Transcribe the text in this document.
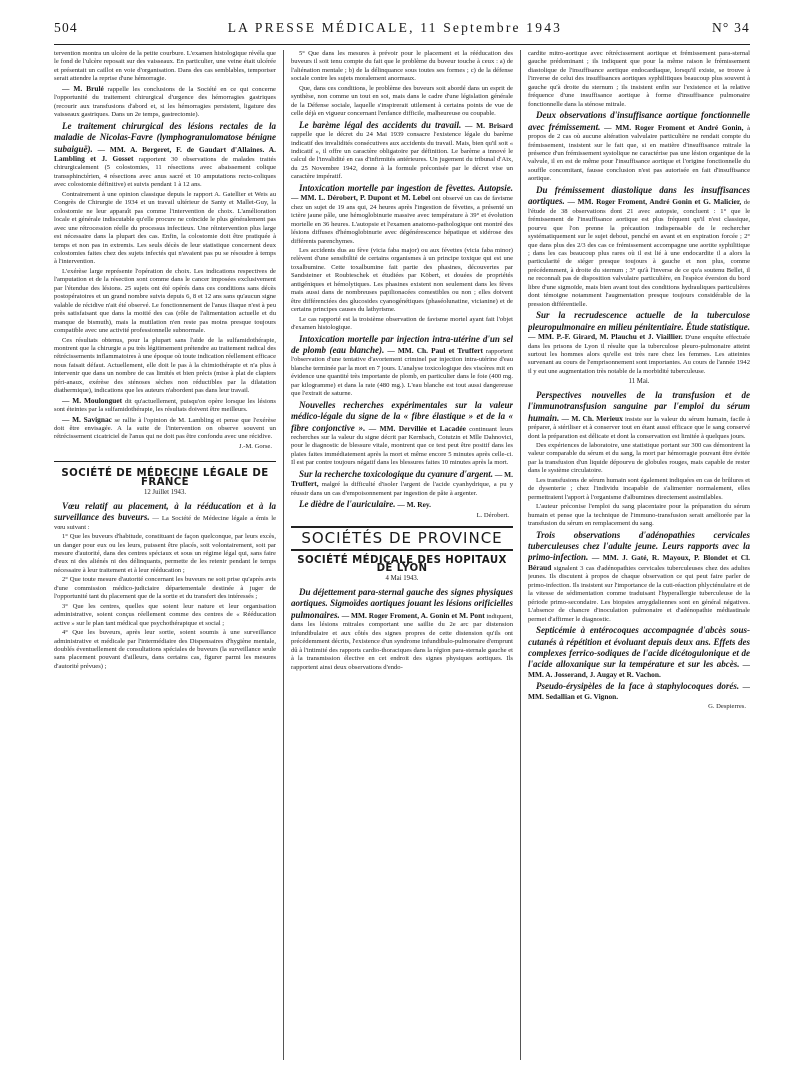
504	LA PRESSE MÉDICALE, 11 Septembre 1943	N° 34

tervention montra un ulcère de la petite courbure. L'examen histologique révéla que le fond de l'ulcère reposait sur des vaisseaux. En particulier, une veine était ulcérée et présentait un caillot en voie d'organisation. Dans des cas semblables, temporiser serait attendre la reprise d'une hémorragie.

— M. Brulé rappelle les conclusions de la Société en ce qui concerne l'opportunité du traitement chirurgical d'urgence des hémorragies gastriques (recourir aux transfusions d'abord et, si les hémorragies persistent, ligature des vaisseaux gastriques. Dans un 2e temps, gastrectomie).

Le traitement chirurgical des lésions rectales de la maladie de Nicolas-Favre (lymphogranulomatose bénigne subaiguë). — MM. A. Bergeret, F. de Gaudart d'Allaines. A. Lambling et J. Gosset rapportent 30 observations de malades traités chirurgicalement (5 colostomies, 11 résections avec abaissement colique transsphinctérien, 4 résections avec anus sacré et 10 amputations recto-coliques avec colostomie définitive) et suivis pendant 1 à 12 ans.

Contrairement à une opinion classique depuis le rapport A. Gatellier et Weis au Congrès de Chirurgie de 1934 et un travail ultérieur de Santy et Mallet-Guy, la colostomie ne leur apparaît pas comme l'intervention de choix. L'amélioration locale et générale indiscutable qu'elle procure ne coïncide le plus généralement pas avec une rétrocession réelle du processus infectieux. Une réintervention plus large est nécessaire dans la plupart des cas. Enfin, la colostomie doit être pratiquée à temps et non pas in extremis. Les seuls décès de leur statistique concernent deux colostomies faites chez des sujets infectés qui n'avaient pas pu se résoudre à temps à l'intervention.

L'exérèse large représente l'opération de choix. Les indications respectives de l'amputation et de la résection sont comme dans le cancer imposées exclusivement par l'étendue des lésions. 25 sujets ont été opérés dans ces conditions sans décès postopératoires et un grand nombre suivis depuis 6, 8 et 12 ans sans qu'aucun signe valable de récidive n'ait été observé. Le fonctionnement de l'anus iliaque n'est à peu près satisfaisant que dans la moitié des cas (rôle de l'alimentation actuelle et du manque de bismuth), mais la mutilation n'en reste pas moins presque toujours compatible avec une activité professionnelle subnormale.

Ces résultats obtenus, pour la plupart sans l'aide de la sulfamidothérapie, montrent que la chirurgie a pu très légitimement prétendre au traitement radical des rétrécissements inflammatoires à une époque où toute indication réellement efficace nous faisait défaut. Actuellement, elle doit le pas à la chimiothérapie et n'a plus à intervenir que dans un nombre de cas limités et bien précis (mise à plat de clapiers péri-anaux, exérèse des sténoses sèches non réductibles par la dilatation diathermique), indications que les auteurs n'abordent pas dans leur travail.

— M. Moulonguet dit qu'actuellement, puisqu'on opère lorsque les lésions sont éteintes par la sulfamidothérapie, les résultats doivent être meilleurs.

— M. Savignac se rallie à l'opinion de M. Lambling et pense que l'exérèse doit être envisagée. A la suite de l'intervention on observe souvent un rétrécissement cicatriciel de l'anus qui ne doit pas être confondu avec une récidive.

J.-M. Gorse.
SOCIÉTÉ DE MÉDECINE LÉGALE DE FRANCE
12 Juillet 1943.

Vœu relatif au placement, à la rééducation et à la surveillance des buveurs. — La Société de Médecine légale a émis le vœu suivant :

1° Que les buveurs d'habitude, constituant de façon quelconque, par leurs excès, un danger pour eux ou les leurs, puissent être placés, soit volontairement, soit par mesure d'autorité, dans des centres spéciaux et sous un régime légal qui, sans faire d'eux ni des aliénés ni des délinquants, permette de les retenir pendant le temps nécessaire à leur traitement et à leur rééducation ;

2° Que toute mesure d'autorité concernant les buveurs ne soit prise qu'après avis d'une commission médico-judiciaire départementale destinée à juger de l'opportunité tant du placement que de la sortie et du transfert des intéressés ;

3° Que les centres, quelles que soient leur nature et leur organisation administrative, soient conçus réellement comme des centres de « Rééducation active » sur le plan tant médical que psychothérapique et social ;

4° Que les buveurs, après leur sortie, soient soumis à une surveillance administrative et médicale par l'intermédiaire des Dispensaires d'hygiène mentale, doublés éventuellement de consultations spéciales de buveurs (la surveillance seule sans placement pouvant d'ailleurs, dans certains cas, figurer parmi les mesures d'autorité prévues) ;

5° Que dans les mesures à prévoir pour le placement et la rééducation des buveurs il soit tenu compte du fait que le problème du buveur touche à ceux : a) de l'aliénation mentale ; b) de la délinquance sous toutes ses formes ; c) de la défense sociale contre les sujets moralement anormaux.

Que, dans ces conditions, le problème des buveurs soit abordé dans un esprit de synthèse, non comme un tout en soi, mais dans le cadre d'une législation générale de la Défense sociale, laquelle s'inspirerait utilement à certains points de vue de celle déjà en vigueur concernant l'enfance difficile, malheureuse ou coupable.

Le barème légal des accidents du travail. — M. Brisard rappelle que le décret du 24 Mai 1939 consacre l'existence légale du barème indicatif des invalidités consécutives aux accidents du travail. Mais, bien qu'il soit « indicatif », il offre un caractère obligatoire par définition. Le barème a innové le calcul de l'invalidité en cas d'infirmités antérieures. Un jugement du tribunal d'Aix, du 25 Novembre 1942, donne à la formule préconisée par le décret vise un caractère impératif.

Intoxication mortelle par ingestion de fèvettes. Autopsie. — MM. L. Dérobert, P. Dupont et M. Lebel ont observé un cas de favisme chez un sujet de 19 ans qui, 24 heures après l'ingestion de fèvettes, a présenté un ictère jaune pâle, une hémoglobinurie massive avec température à 39° et évolution mortelle en 36 heures. L'autopsie et l'examen anatomo-pathologique ont montré des lésions diffuses d'hémoglobinurie avec dégénérescence hépatique et sidérose des différents parenchymes.

Les accidents dus au fève (vicia faba major) ou aux févettes (vicia faba minor) relèvent d'une sensibilité de certains organismes à un principe toxique qui est une toxalbumine. Cette toxalbumine fait partie des phasines, découvertes par Sandsteiner et Roubieschek et étudiées par Köbert, et douées de propriétés antigéniques et hémolytiques. Les phasines existent non seulement dans les fèves mais aussi dans de nombreuses papilionacées comestibles ou non ; elles doivent être différenciées des glucosides cyanogénétiques (phaséolunatine, vicianine) et de certains principes causes du lathyrisme.

Le cas rapporté est la troisième observation de favisme mortel ayant fait l'objet d'examen histologique.

Intoxication mortelle par injection intra-utérine d'un sel de plomb (eau blanche). — MM. Ch. Paul et Truffert rapportent l'observation d'une tentative d'avortement criminel par injection intra-utérine d'eau blanche terminée par la mort en 7 jours. L'analyse toxicologique des viscères mit en évidence une quantité très importante de plomb, en particulier dans le foie (400 mg. par kilogramme) et dans la rate (480 mg.). L'eau blanche est tout aussi dangereuse que l'extrait de saturne.

Nouvelles recherches expérimentales sur la valeur médico-légale du signe de la « fibre élastique » et de la « fibre conjonctive ». — MM. Dervillée et Lacadée continuant leurs recherches sur la valeur du signe décrit par Kernbach, Cotutzin et Mlle Dahnovici, pour le diagnostic de blessure vitale, montrent que ce test peut être positif dans les plaies faites immédiatement après la mort et même encore 5 minutes après celle-ci. Il est par contre toujours négatif dans les blessures faites 10 minutes après la mort.

Sur la recherche toxicologique du cyanure d'argent. — M. Truffert, malgré la difficulté d'isoler l'argent de l'acide cyanhydrique, a pu y réussir dans un cas d'empoisonnement par ingestion de pâte à argenter.

Le dièdre de l'auriculaire. — M. Rey.

L. Dérobert.
SOCIÉTÉS DE PROVINCE
SOCIÉTÉ MÉDICALE DES HOPITAUX DE LYON
4 Mai 1943.

Du déjettement para-sternal gauche des signes physiques aortiques. Sigmoïdes aortiques jouant les lésions orificielles pulmonaires. — MM. Roger Froment, A. Gonin et M. Pont indiquent, dans les lésions mitrales comportant une saillie du 2e arc par distension infundibulaire et aux côtés des signes propres de cette distension qu'ils ont précédemment décrits, l'existence d'un syndrome infundibulo-pulmonaire d'emprunt dû à l'intimité des rapports cardio-thoraciques dans la région para-sternale gauche et à la transmission élective en cet endroit des signes physiques aortiques. Ils rapportent ainsi deux observations d'endo-

cardite mitro-aortique avec rétrécissement aortique et frémissement para-sternal gauche prédominant ; ils indiquent que pour la même raison le frémissement diastolique de l'insuffisance aortique endocardiaque, lorsqu'il existe, se trouve à l'inverse de celui des insuffisances aortiques syphilitiques beaucoup plus souvent à gauche qu'à droite du sternum ; ils insistent enfin sur l'existence et la relative fréquence d'une insuffisance aortique à forme d'insuffisance pulmonaire fonctionnelle dans la sténose mitrale.

Deux observations d'insuffisance aortique fonctionnelle avec frémissement. — MM. Roger Froment et André Gonin, à propos de 2 cas où aucune altération valvulaire particulière ne rendait compte du frémissement, insistent sur le fait que, si en matière d'insuffisance mitrale la présence d'un frémissement systolique ne caractérise pas une lésion organique de la valvule, il en est de même pour l'insuffisance aortique et l'origine fonctionnelle du souffle concomitant, fausse conclusion n'est pas autorisée en fait d'insuffisance aortique.

Du frémissement diastolique dans les insuffisances aortiques. — MM. Roger Froment, André Gonin et G. Malicier, de l'étude de 38 observations dont 21 avec autopsie, concluent : 1° que le frémissement de l'insuffisance aortique est plus fréquent qu'il n'est classique, pourvu que l'on prenne la précaution indispensable de le rechercher systématiquement sur le sujet debout, penché en avant et en expiration forcée ; 2° que dans plus des 2/3 des cas ce frémissement accompagne une aortite syphilitique ; dans les cas beaucoup plus rares où il est lié à une endocardite il a alors la particularité de siéger presque toujours à gauche et non plus, comme précédemment, à droite du sternum ; 3° qu'à l'inverse de ce qu'a soutenu Bellet, il ne reconnaît pas de disposition valvulaire particulière, en l'espèce éversion du bord libre d'une sigmoïde, mais bien avant tout des conditions hydrauliques particulières dont témoigne notamment l'augmentation presque toujours considérable de la pression différentielle.

Sur la recrudescence actuelle de la tuberculose pleuropulmonaire en milieu pénitentiaire. Étude statistique. — MM. P.-F. Girard, M. Plauchu et J. Viaillier. D'une enquête effectuée dans les prisons de Lyon il résulte que la tuberculose pleuro-pulmonaire atteint surtout les hommes alors qu'elle est très rare chez les femmes. Les atteintes survenant au cours de l'emprisonnement sont importantes. Au cours de l'année 1942 il y eut une augmentation très notable de la morbidité tuberculeuse.

11 Mai.

Perspectives nouvelles de la transfusion et de l'immunotransfusion sanguine par l'emploi du sérum humain. — M. Ch. Merieux insiste sur la valeur du sérum humain, facile à préparer, à stériliser et à conserver tout en étant aussi efficace que le sang conservé dont la préparation est délicate et dont la conservation est limitée à quelques jours.

Des expériences de laboratoire, une statistique portant sur 300 cas démontrent la valeur comparable du sérum et du sang, la mort par hémorragie pouvant être évitée par la transfusion d'un liquide dépourvu de globules rouges, mais capable de rester dans le système circulatoire.

Les transfusions de sérum humain sont également indiquées en cas de brûlures et de dysenterie ; chez l'individu incapable de s'alimenter normalement, elles permettraient l'apport à l'organisme d'albumines directement assimilables.

L'auteur préconise l'emploi du sang placentaire pour la préparation du sérum humain et pense que la technique de l'immuno-transfusion serait améliorée par la transfusion du sérum en remplacement du sang.

Trois observations d'adénopathies cervicales tuberculeuses chez l'adulte jeune. Leurs rapports avec la primo-infection. — MM. J. Gaté, R. Mayoux, P. Blondet et Cl. Béraud signalent 3 cas d'adénopathies cervicales tuberculeuses chez des adultes jeunes. Ils discutent à propos de chaque observation ce qui peut faire parler de primo-infection. Ils insistent sur l'importance de la cuti-réaction phlycténulaire et de la vitesse de sédimentation comme traduisant l'hyperallergie tuberculeuse de la période primo-secondaire. Les biopsies amygdaliennes sont en général négatives. L'absence de chancre d'inoculation pulmonaire et d'adénopathie médiastinale permet d'affirmer le diagnostic.

Septicémie à entérocoques accompagnée d'abcès sous-cutanés à répétition et évoluant depuis deux ans. Effets des complexes ferrico-sodiques de l'acide dicétogulonique et de l'acide alloxanique sur la température et sur les abcès. — MM. A. Josserand, J. Augay et R. Vachon.

Pseudo-érysipèles de la face à staphylocoques dorés. — MM. Sedallian et G. Vignon.

G. Despierres.
